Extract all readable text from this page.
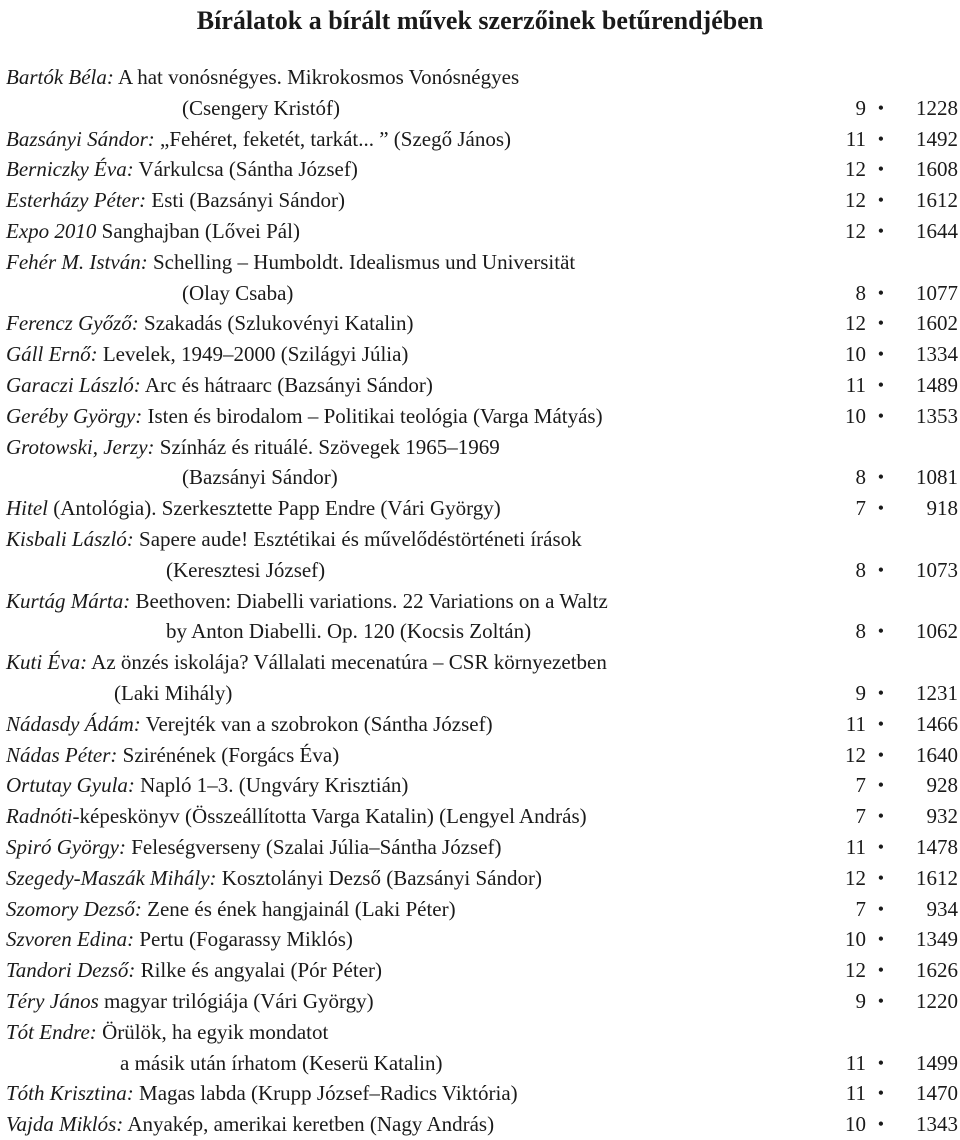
Bírálatok a bírált művek szerzőinek betűrendjében
Bartók Béla: A hat vonósnégyes. Mikrokosmos Vonósnégyes
(Csengery Kristóf)	9 • 1228
Bazsányi Sándor: „Fehéret, feketét, tarkát... ” (Szegő János)	11 • 1492
Berniczky Éva: Várkulcsa (Sántha József)	12 • 1608
Esterházy Péter: Esti (Bazsányi Sándor)	12 • 1612
Expo 2010 Sanghajban (Lővei Pál)	12 • 1644
Fehér M. István: Schelling – Humboldt. Idealismus und Universität
(Olay Csaba)	8 • 1077
Ferencz Győző: Szakadás (Szlukovényi Katalin)	12 • 1602
Gáll Ernő: Levelek, 1949–2000 (Szilágyi Júlia)	10 • 1334
Garaczi László: Arc és hátraarc (Bazsányi Sándor)	11 • 1489
Geréby György: Isten és birodalom – Politikai teológia (Varga Mátyás)	10 • 1353
Grotowski, Jerzy: Színház és rituálé. Szövegek 1965–1969
(Bazsányi Sándor)	8 • 1081
Hitel (Antológia). Szerkesztette Papp Endre (Vári György)	7 • 918
Kisbali László: Sapere aude! Esztétikai és művelődéstörténeti írások
(Keresztesi József)	8 • 1073
Kurtág Márta: Beethoven: Diabelli variations. 22 Variations on a Waltz
by Anton Diabelli. Op. 120 (Kocsis Zoltán)	8 • 1062
Kuti Éva: Az önzés iskolája? Vállalati mecenatúra – CSR környezetben
(Laki Mihály)	9 • 1231
Nádasdy Ádám: Verejték van a szobrokon (Sántha József)	11 • 1466
Nádas Péter: Szirénének (Forgács Éva)	12 • 1640
Ortutay Gyula: Napló 1–3. (Ungváry Krisztián)	7 • 928
Radnóti-képeskönyv (Összeállította Varga Katalin) (Lengyel András)	7 • 932
Spiró György: Feleségverseny (Szalai Júlia–Sántha József)	11 • 1478
Szegedy-Maszák Mihály: Kosztolányi Dezső (Bazsányi Sándor)	12 • 1612
Szomory Dezső: Zene és ének hangjainál (Laki Péter)	7 • 934
Szvoren Edina: Pertu (Fogarassy Miklós)	10 • 1349
Tandori Dezső: Rilke és angyalai (Pór Péter)	12 • 1626
Téry János magyar trilógiája (Vári György)	9 • 1220
Tót Endre: Örülök, ha egyik mondatot
a másik után írhatom (Keserü Katalin)	11 • 1499
Tóth Krisztina: Magas labda (Krupp József–Radics Viktória)	11 • 1470
Vajda Miklós: Anyakép, amerikai keretben (Nagy András)	10 • 1343
